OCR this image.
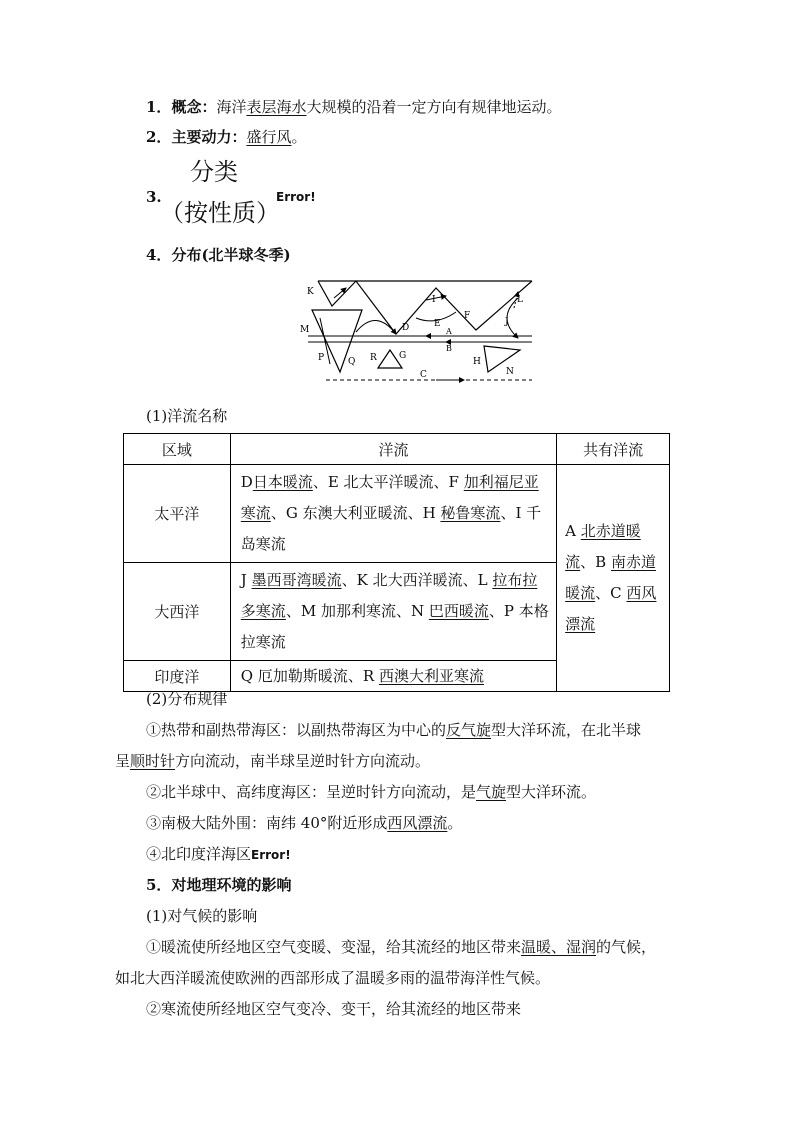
1．概念：海洋表层海水大规模的沿着一定方向有规律地运动。
2．主要动力：盛行风。
3.
分类
（按性质）
Error!
4．分布(北半球冬季)
K
I	L
M
F
E
D
J
A
B
P	Q R G
H
N
C
(1)洋流名称
区域	洋流	共有洋流
太平洋	D日本暖流、E 北太平洋暖流、F 加利福尼亚寒流、G 东澳大利亚暖流、H 秘鲁寒流、I 千岛寒流	A 北赤道暖流、B 南赤道暖流、C 西风漂流
大西洋	J 墨西哥湾暖流、K 北大西洋暖流、L 拉布拉多寒流、M 加那利寒流、N 巴西暖流、P 本格拉寒流	
印度洋	Q 厄加勒斯暖流、R 西澳大利亚寒流	
(2)分布规律
①热带和副热带海区：以副热带海区为中心的反气旋型大洋环流，在北半球
呈顺时针方向流动，南半球呈逆时针方向流动。
②北半球中、高纬度海区：呈逆时针方向流动，是气旋型大洋环流。
③南极大陆外围：南纬 40°附近形成西风漂流。
④北印度洋海区Error!
5．对地理环境的影响
(1)对气候的影响
①暖流使所经地区空气变暖、变湿，给其流经的地区带来温暖、湿润的气候，
如北大西洋暖流使欧洲的西部形成了温暖多雨的温带海洋性气候。
②寒流使所经地区空气变冷、变干，给其流经的地区带来
